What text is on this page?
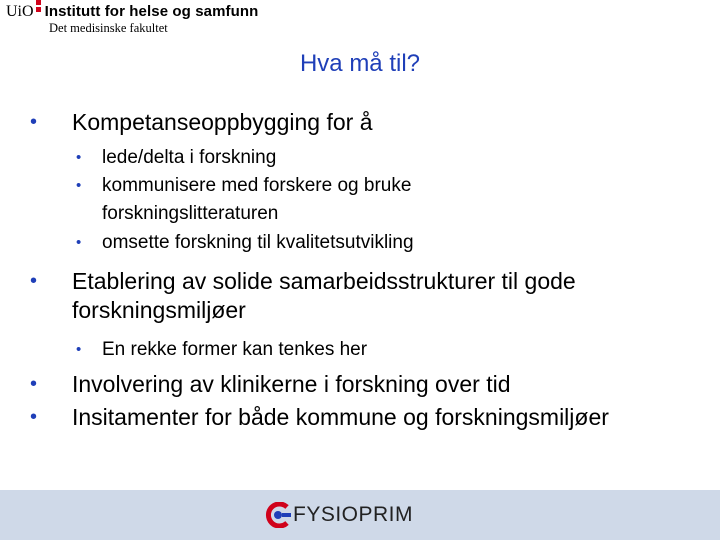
UiO Institutt for helse og samfunn
Det medisinske fakultet
Hva må til?
• Kompetanseoppbygging for å
• lede/delta i forskning
• kommunisere med forskere og bruke
forskningslitteraturen
• omsette forskning til kvalitetsutvikling
• Etablering av solide samarbeidsstrukturer til gode
forskningsmiljøer
• En rekke former kan tenkes her
• Involvering av klinikerne i forskning over tid
• Insitamenter for både kommune og forskningsmiljøer
FYSIOPRIM
